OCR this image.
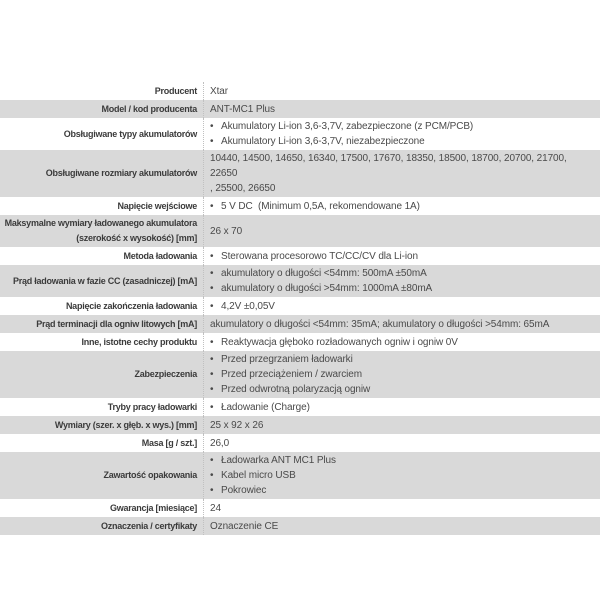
Producent Xtar
Model / kod producenta ANT-MC1 Plus
Obsługiwane typy akumulatorów
• Akumulatory Li-ion 3,6-3,7V, zabezpieczone (z PCM/PCB)
• Akumulatory Li-ion 3,6-3,7V, niezabezpieczone
Obsługiwane rozmiary akumulatorów
10440, 14500, 14650, 16340, 17500, 17670, 18350, 18500, 18700, 20700, 21700, 22650
, 25500, 26650
Napięcie wejściowe • 5 V DC  (Minimum 0,5A, rekomendowane 1A)
Maksymalne wymiary ładowanego akumulatora
(szerokość x wysokość) [mm]
26 x 70
Metoda ładowania • Sterowana procesorowo TC/CC/CV dla Li-ion
Prąd ładowania w fazie CC (zasadniczej) [mA]
• akumulatory o długości <54mm: 500mA ±50mA
• akumulatory o długości >54mm: 1000mA ±80mA
Napięcie zakończenia ładowania • 4,2V ±0,05V
Prąd terminacji dla ogniw litowych [mA] akumulatory o długości <54mm: 35mA; akumulatory o długości >54mm: 65mA
Inne, istotne cechy produktu • Reaktywacja głęboko rozładowanych ogniw i ogniw 0V
Zabezpieczenia
• Przed przegrzaniem ładowarki
• Przed przeciążeniem / zwarciem
• Przed odwrotną polaryzacją ogniw
Tryby pracy ładowarki • Ładowanie (Charge)
Wymiary (szer. x głęb. x wys.) [mm] 25 x 92 x 26
Masa [g / szt.] 26,0
Zawartość opakowania
• Ładowarka ANT MC1 Plus
• Kabel micro USB
• Pokrowiec
Gwarancja [miesiące] 24
Oznaczenia / certyfikaty Oznaczenie CE
